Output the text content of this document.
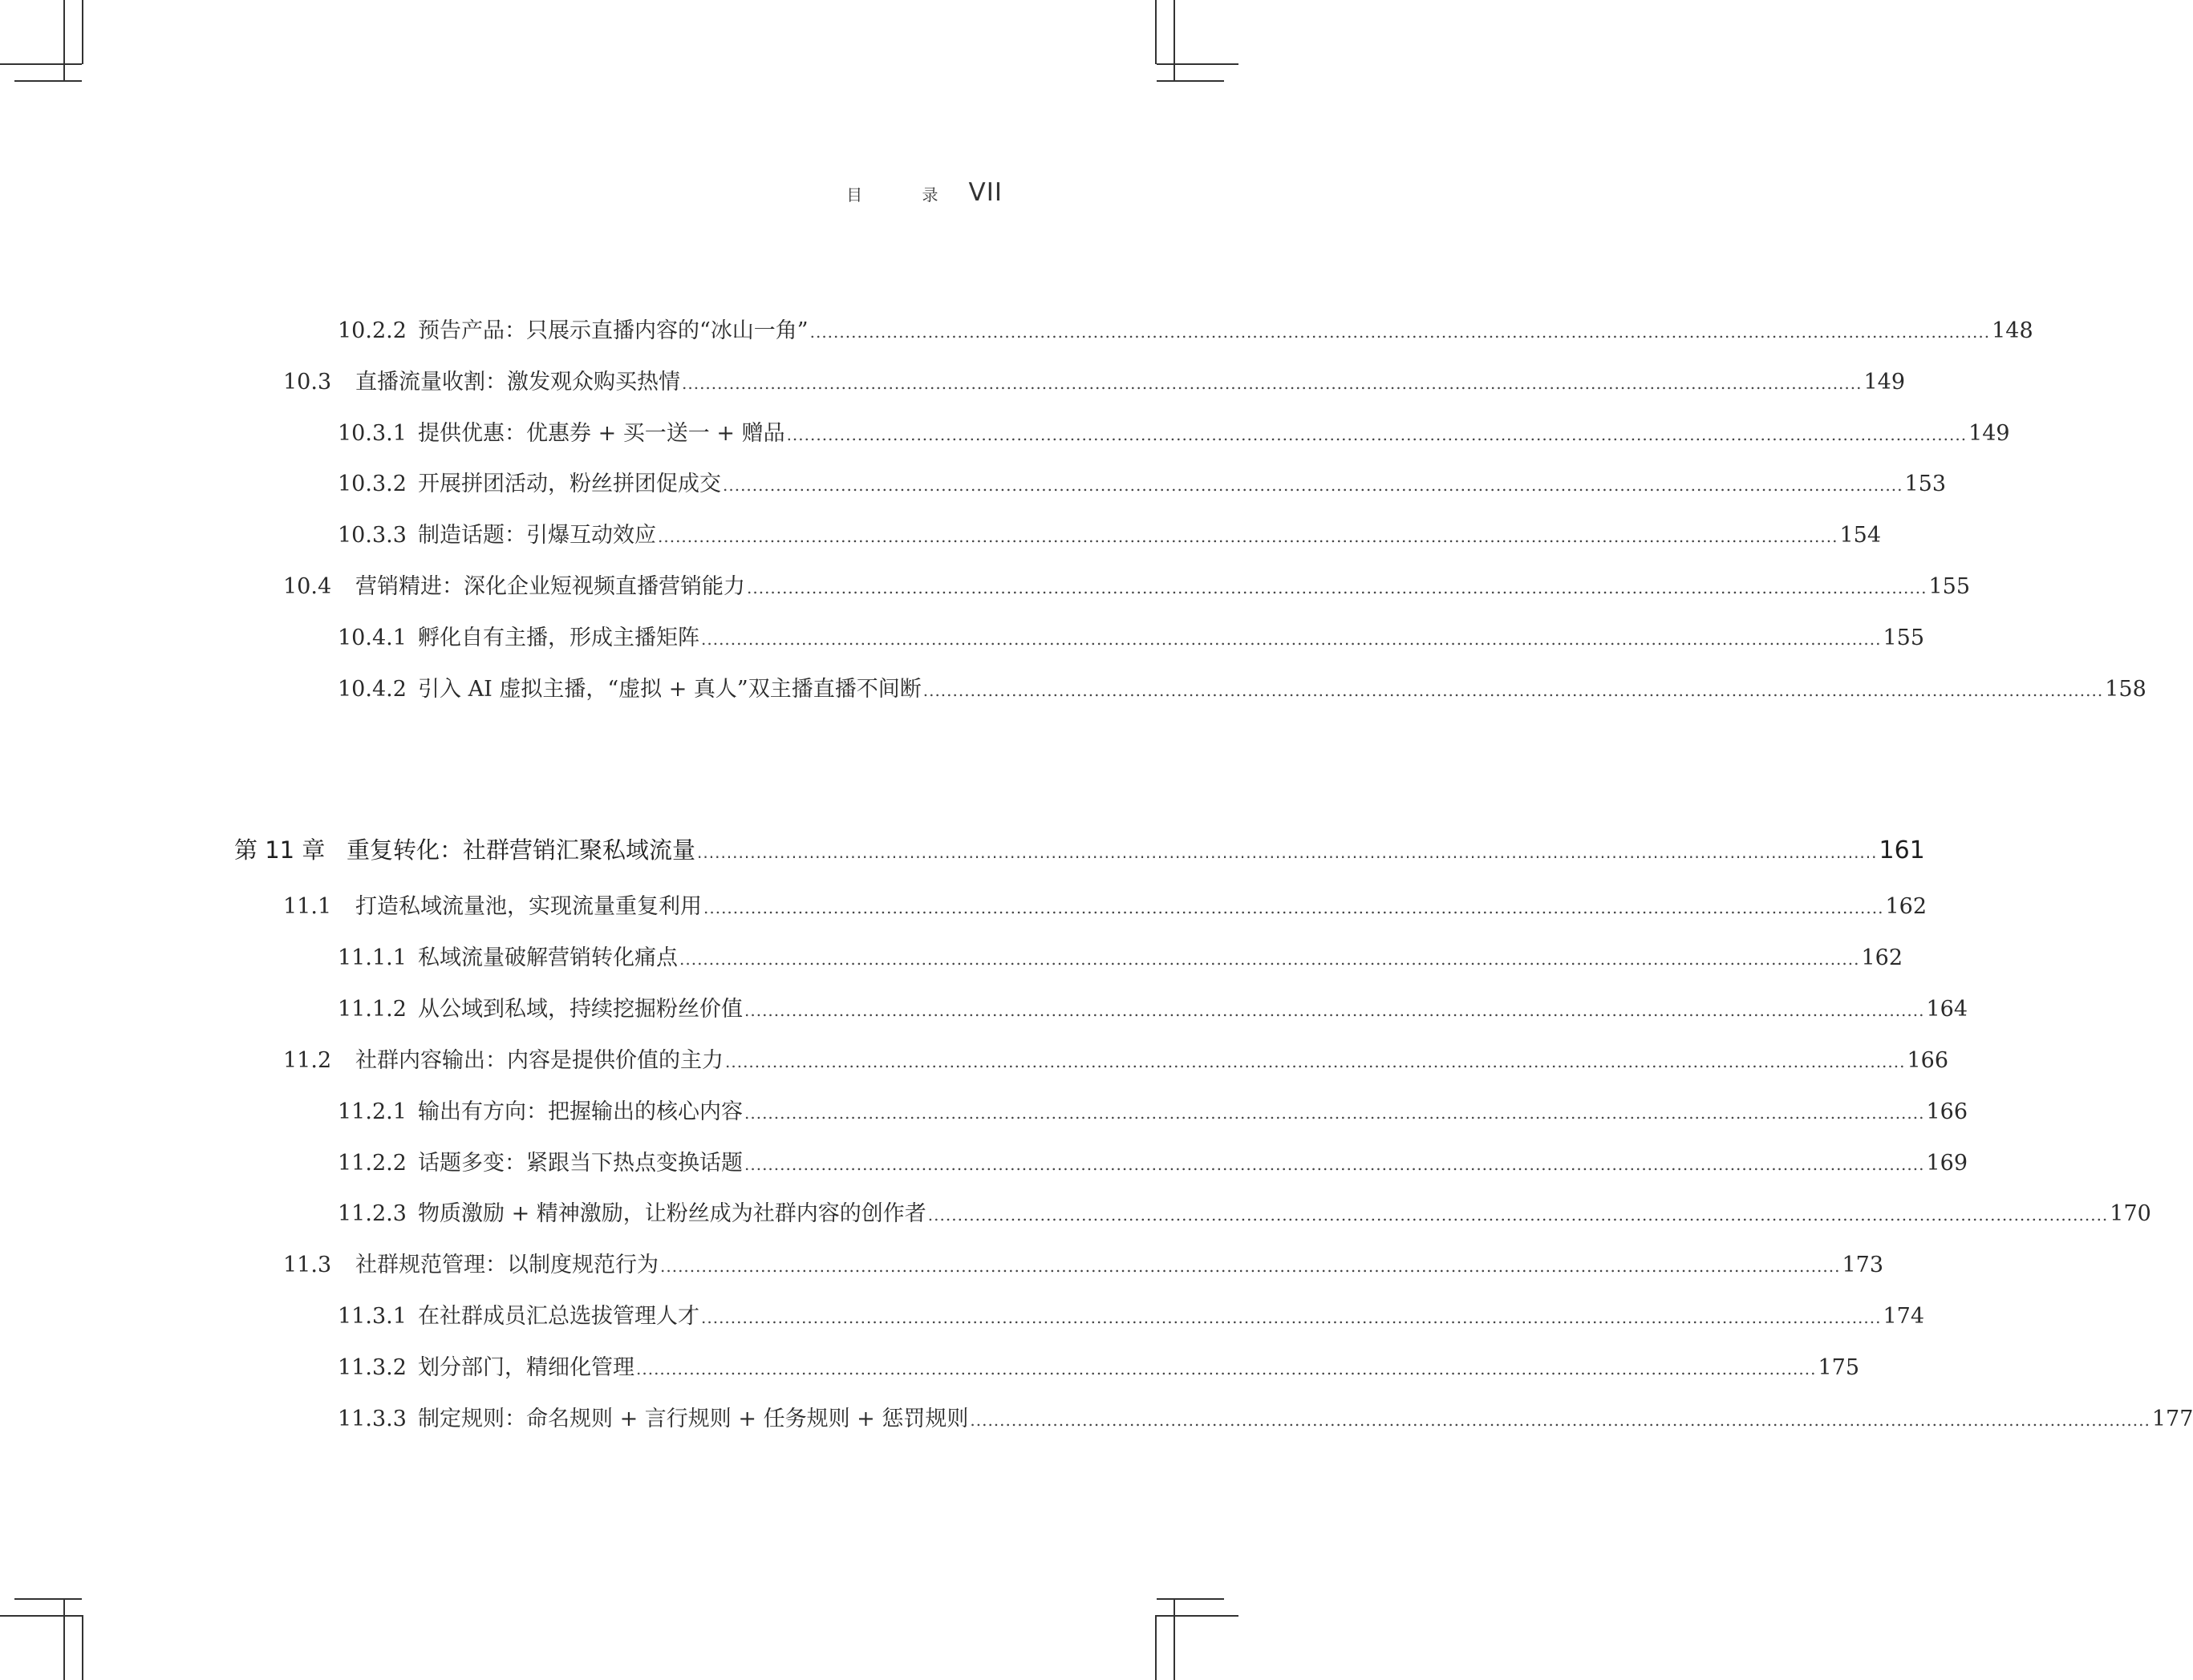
目 录 VII
10.2.2 预告产品：只展示直播内容的“冰山一角” ........................................................................................................................................................................................................ 148
10.3	直播流量收割：激发观众购买热情 ........................................................................................................................................................................................................ 149
10.3.1 提供优惠：优惠券 + 买一送一 + 赠品 ........................................................................................................................................................................................................ 149
10.3.2 开展拼团活动，粉丝拼团促成交 ........................................................................................................................................................................................................ 153
10.3.3 制造话题：引爆互动效应 ........................................................................................................................................................................................................ 154
10.4	营销精进：深化企业短视频直播营销能力 ........................................................................................................................................................................................................ 155
10.4.1 孵化自有主播，形成主播矩阵 ........................................................................................................................................................................................................ 155
10.4.2 引入 AI 虚拟主播，“虚拟 + 真人”双主播直播不间断 ........................................................................................................................................................................................................ 158
第 11 章 重复转化：社群营销汇聚私域流量 ........................................................................................................................................................................................................ 161
11.1	打造私域流量池，实现流量重复利用 ........................................................................................................................................................................................................ 162
11.1.1 私域流量破解营销转化痛点 ........................................................................................................................................................................................................ 162
11.1.2 从公域到私域，持续挖掘粉丝价值 ........................................................................................................................................................................................................ 164
11.2	社群内容输出：内容是提供价值的主力 ........................................................................................................................................................................................................ 166
11.2.1 输出有方向：把握输出的核心内容 ........................................................................................................................................................................................................ 166
11.2.2 话题多变：紧跟当下热点变换话题 ........................................................................................................................................................................................................ 169
11.2.3 物质激励 + 精神激励，让粉丝成为社群内容的创作者 ........................................................................................................................................................................................................ 170
11.3	社群规范管理：以制度规范行为 ........................................................................................................................................................................................................ 173
11.3.1 在社群成员汇总选拔管理人才 ........................................................................................................................................................................................................ 174
11.3.2 划分部门，精细化管理 ........................................................................................................................................................................................................ 175
11.3.3 制定规则：命名规则 + 言行规则 + 任务规则 + 惩罚规则 ........................................................................................................................................................................................................ 177
